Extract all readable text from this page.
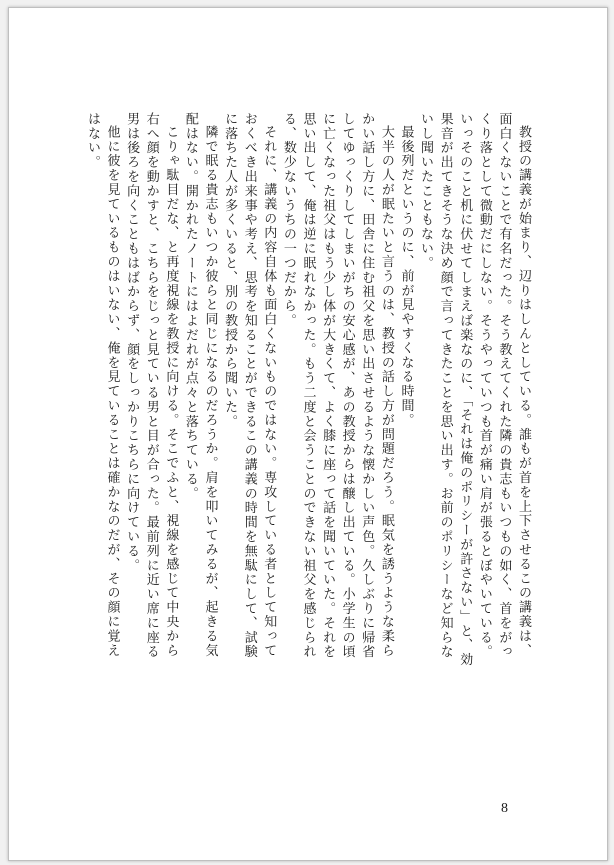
教授の講義が始まり、辺りはしんとしている。誰もが首を上下させるこの講義は、面白くないことで有名だった。そう教えてくれた隣の貴志もいつもの如く、首をがっくり落として微動だにしない。そうやっていつも首が痛い肩が張るとぼやいている。いっそのこと机に伏せてしまえば楽なのに、「それは俺のポリシーが許さない」と、効果音が出てきそうな決め顔で言ってきたことを思い出す。お前のポリシーなど知らないし聞いたこともない。

最後列だというのに、前が見やすくなる時間。

大半の人が眠たいと言うのは、教授の話し方が問題だろう。眠気を誘うような柔らかい話し方に、田舎に住む祖父を思い出させるような懐かしい声色。久しぶりに帰省してゆっくりしてしまいがちの安心感が、あの教授からは醸し出ている。小学生の頃に亡くなった祖父はもう少し体が大きくて、よく膝に座って話を聞いていた。それを思い出して、俺は逆に眠れなかった。もう二度と会うことのできない祖父を感じられる、数少ないうちの一つだから。

それに、講義の内容自体も面白くないものではない。専攻している者として知っておくべき出来事や考え、思考を知ることができるこの講義の時間を無駄にして、試験に落ちた人が多くいると、別の教授から聞いた。

隣で眠る貴志もいつか彼らと同じになるのだろうか。肩を叩いてみるが、起きる気配はない。開かれたノートにはよだれが点々と落ちている。

こりゃ駄目だな、と再度視線を教授に向ける。そこでふと、視線を感じて中央から右へ顔を動かすと、こちらをじっと見ている男と目が合った。最前列に近い席に座る男は後ろを向くこともはばからず、顔をしっかりこちらに向けている。

他に彼を見ているものはいない、俺を見ていることは確かなのだが、その顔に覚えはない。

8
